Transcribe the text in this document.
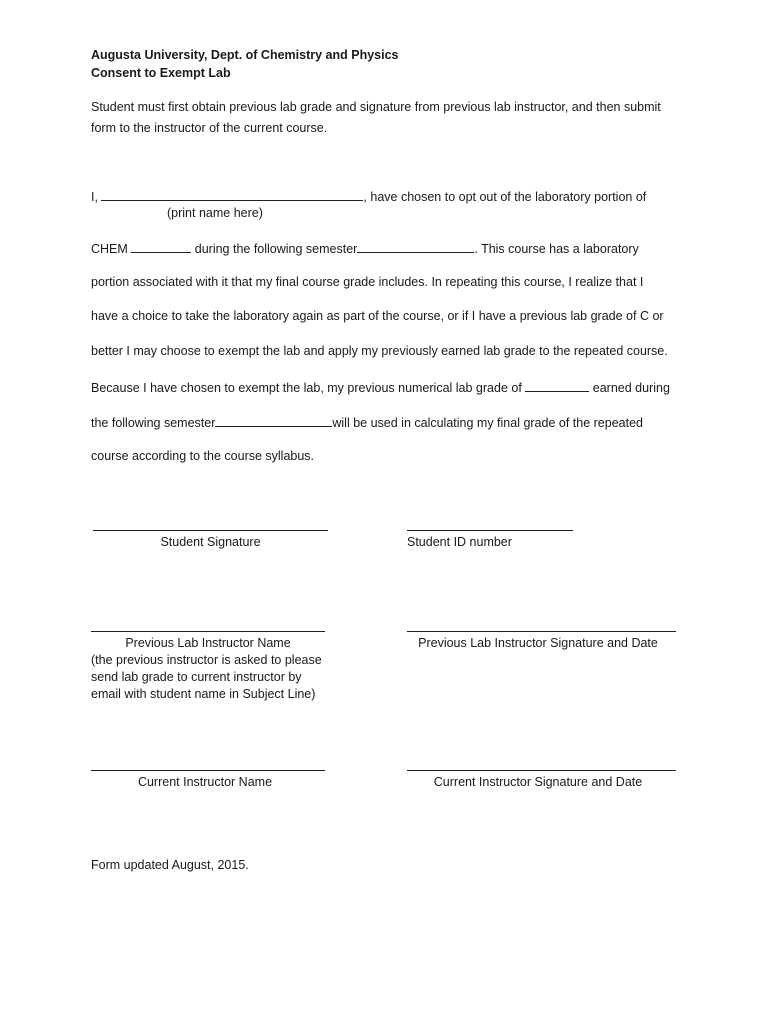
Augusta University, Dept. of Chemistry and Physics
Consent to Exempt Lab
Student must first obtain previous lab grade and signature from previous lab instructor, and then submit
form to the instructor of the current course.
I,	, have chosen to opt out of the laboratory portion of
(print name here)
CHEM	during the following semester	. This course has a laboratory
portion associated with it that my final course grade includes. In repeating this course, I realize that I
have a choice to take the laboratory again as part of the course, or if I have a previous lab grade of C or
better I may choose to exempt the lab and apply my previously earned lab grade to the repeated course.
Because I have chosen to exempt the lab, my previous numerical lab grade of	earned during
the following semester	will be used in calculating my final grade of the repeated
course according to the course syllabus.
Student Signature	Student ID number
Previous Lab Instructor Name
(the previous instructor is asked to please
send lab grade to current instructor by
email with student name in Subject Line)
Previous Lab Instructor Signature and Date
Current Instructor Name	Current Instructor Signature and Date
Form updated August, 2015.
